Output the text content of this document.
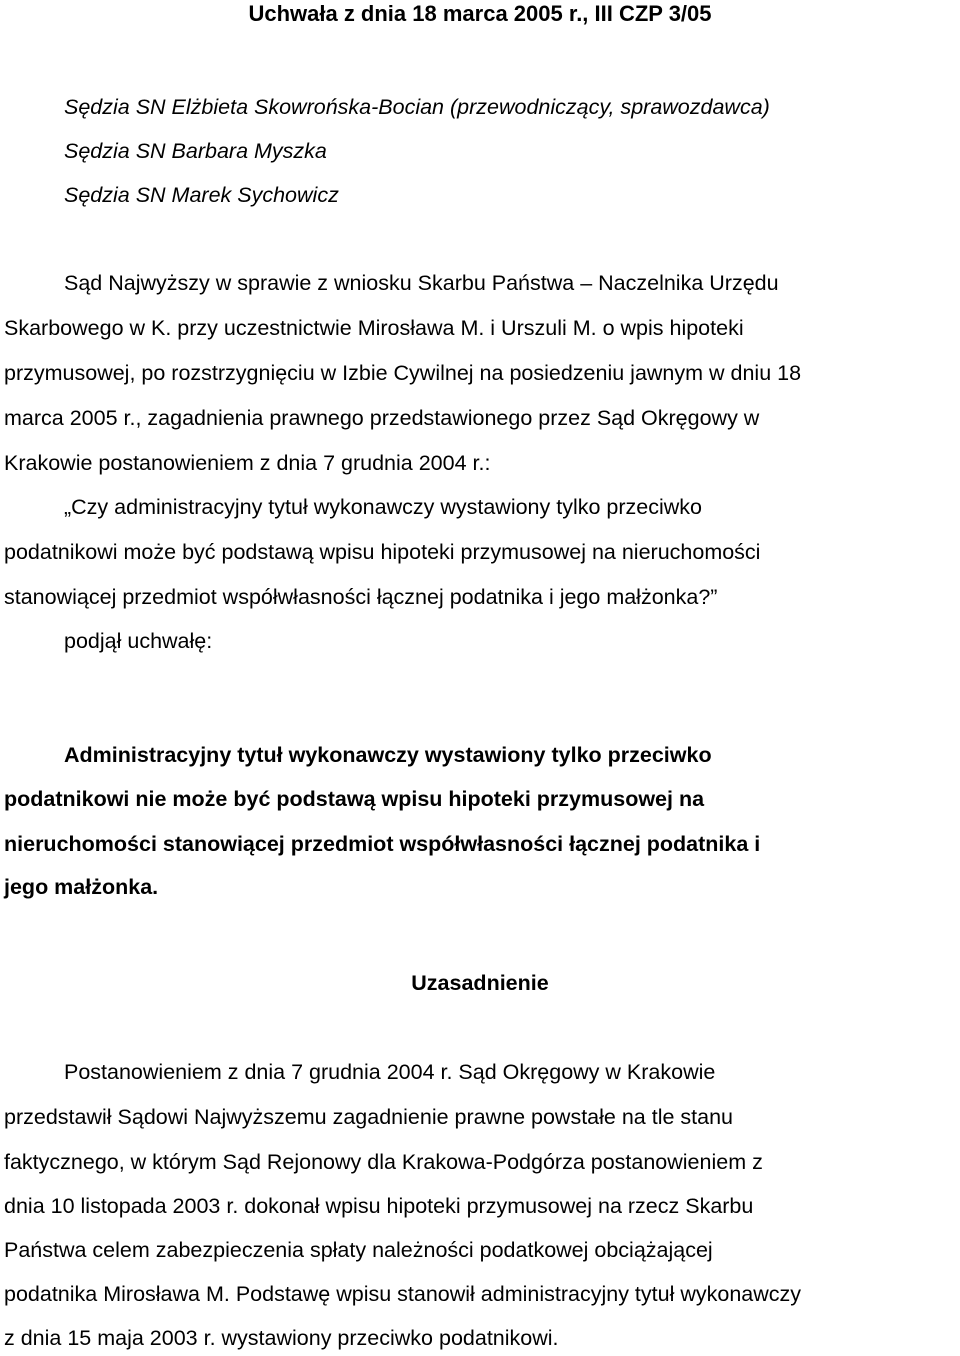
Uchwała z dnia 18 marca 2005 r., III CZP 3/05
Sędzia SN Elżbieta Skowrońska-Bocian (przewodniczący, sprawozdawca)
Sędzia SN Barbara Myszka
Sędzia SN Marek Sychowicz
Sąd Najwyższy w sprawie z wniosku Skarbu Państwa – Naczelnika Urzędu
Skarbowego w K. przy uczestnictwie Mirosława M. i Urszuli M. o wpis hipoteki
przymusowej, po rozstrzygnięciu w Izbie Cywilnej na posiedzeniu jawnym w dniu 18
marca 2005 r., zagadnienia prawnego przedstawionego przez Sąd Okręgowy w
Krakowie postanowieniem z dnia 7 grudnia 2004 r.:
„Czy administracyjny tytuł wykonawczy wystawiony tylko przeciwko
podatnikowi może być podstawą wpisu hipoteki przymusowej na nieruchomości
stanowiącej przedmiot współwłasności łącznej podatnika i jego małżonka?”
podjął uchwałę:
Administracyjny tytuł wykonawczy wystawiony tylko przeciwko
podatnikowi nie może być podstawą wpisu hipoteki przymusowej na
nieruchomości stanowiącej przedmiot współwłasności łącznej podatnika i
jego małżonka.
Uzasadnienie
Postanowieniem z dnia 7 grudnia 2004 r. Sąd Okręgowy w Krakowie
przedstawił Sądowi Najwyższemu zagadnienie prawne powstałe na tle stanu
faktycznego, w którym Sąd Rejonowy dla Krakowa-Podgórza postanowieniem z
dnia 10 listopada 2003 r. dokonał wpisu hipoteki przymusowej na rzecz Skarbu
Państwa celem zabezpieczenia spłaty należności podatkowej obciążającej
podatnika Mirosława M. Podstawę wpisu stanowił administracyjny tytuł wykonawczy
z dnia 15 maja 2003 r. wystawiony przeciwko podatnikowi.
